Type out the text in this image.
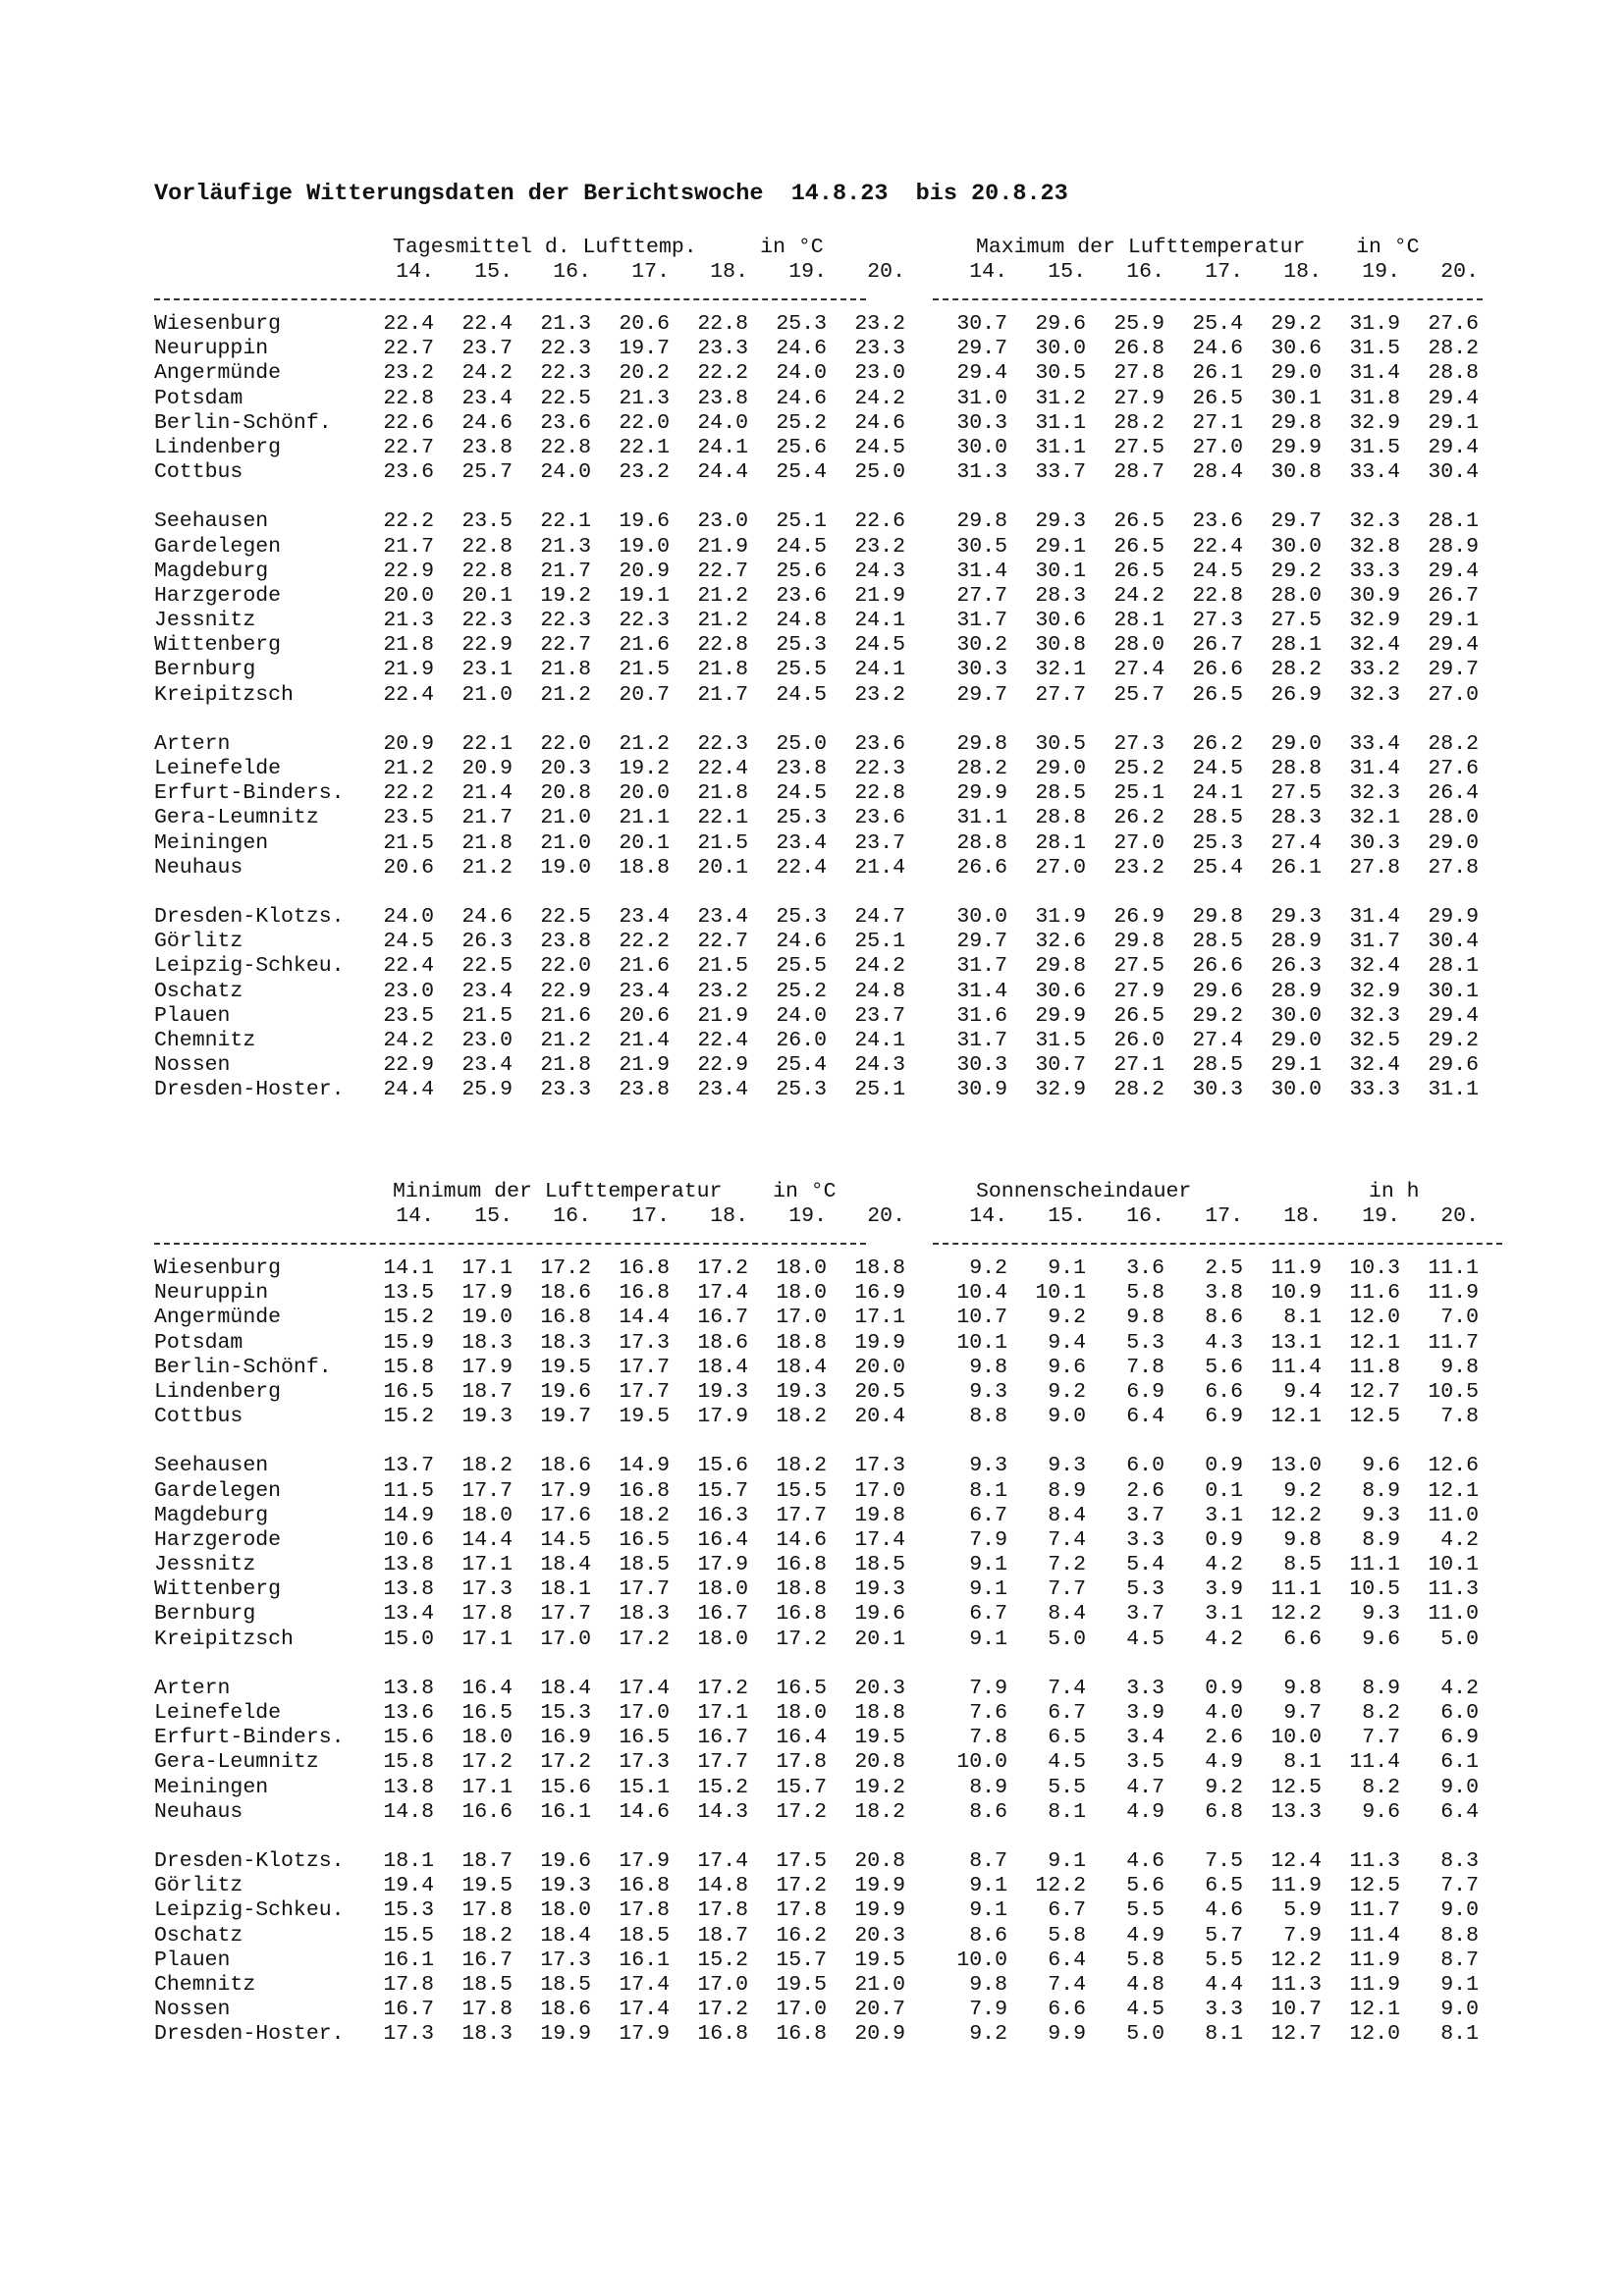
Vorläufige Witterungsdaten der Berichtswoche  14.8.23  bis 20.8.23
Tagesmittel d. Lufttemp.     in °C	Maximum der Lufttemperatur    in °C
14.	15.	16.	17.	18.	19.	20.	14.	15.	16.	17.	18.	19.	20.
Wiesenburg	22.4	22.4	21.3	20.6	22.8	25.3	23.2	30.7	29.6	25.9	25.4	29.2	31.9	27.6
Neuruppin	22.7	23.7	22.3	19.7	23.3	24.6	23.3	29.7	30.0	26.8	24.6	30.6	31.5	28.2
Angermünde	23.2	24.2	22.3	20.2	22.2	24.0	23.0	29.4	30.5	27.8	26.1	29.0	31.4	28.8
Potsdam	22.8	23.4	22.5	21.3	23.8	24.6	24.2	31.0	31.2	27.9	26.5	30.1	31.8	29.4
Berlin-Schönf.	22.6	24.6	23.6	22.0	24.0	25.2	24.6	30.3	31.1	28.2	27.1	29.8	32.9	29.1
Lindenberg	22.7	23.8	22.8	22.1	24.1	25.6	24.5	30.0	31.1	27.5	27.0	29.9	31.5	29.4
Cottbus	23.6	25.7	24.0	23.2	24.4	25.4	25.0	31.3	33.7	28.7	28.4	30.8	33.4	30.4
Seehausen	22.2	23.5	22.1	19.6	23.0	25.1	22.6	29.8	29.3	26.5	23.6	29.7	32.3	28.1
Gardelegen	21.7	22.8	21.3	19.0	21.9	24.5	23.2	30.5	29.1	26.5	22.4	30.0	32.8	28.9
Magdeburg	22.9	22.8	21.7	20.9	22.7	25.6	24.3	31.4	30.1	26.5	24.5	29.2	33.3	29.4
Harzgerode	20.0	20.1	19.2	19.1	21.2	23.6	21.9	27.7	28.3	24.2	22.8	28.0	30.9	26.7
Jessnitz	21.3	22.3	22.3	22.3	21.2	24.8	24.1	31.7	30.6	28.1	27.3	27.5	32.9	29.1
Wittenberg	21.8	22.9	22.7	21.6	22.8	25.3	24.5	30.2	30.8	28.0	26.7	28.1	32.4	29.4
Bernburg	21.9	23.1	21.8	21.5	21.8	25.5	24.1	30.3	32.1	27.4	26.6	28.2	33.2	29.7
Kreipitzsch	22.4	21.0	21.2	20.7	21.7	24.5	23.2	29.7	27.7	25.7	26.5	26.9	32.3	27.0
Artern	20.9	22.1	22.0	21.2	22.3	25.0	23.6	29.8	30.5	27.3	26.2	29.0	33.4	28.2
Leinefelde	21.2	20.9	20.3	19.2	22.4	23.8	22.3	28.2	29.0	25.2	24.5	28.8	31.4	27.6
Erfurt-Binders.	22.2	21.4	20.8	20.0	21.8	24.5	22.8	29.9	28.5	25.1	24.1	27.5	32.3	26.4
Gera-Leumnitz	23.5	21.7	21.0	21.1	22.1	25.3	23.6	31.1	28.8	26.2	28.5	28.3	32.1	28.0
Meiningen	21.5	21.8	21.0	20.1	21.5	23.4	23.7	28.8	28.1	27.0	25.3	27.4	30.3	29.0
Neuhaus	20.6	21.2	19.0	18.8	20.1	22.4	21.4	26.6	27.0	23.2	25.4	26.1	27.8	27.8
Dresden-Klotzs.	24.0	24.6	22.5	23.4	23.4	25.3	24.7	30.0	31.9	26.9	29.8	29.3	31.4	29.9
Görlitz	24.5	26.3	23.8	22.2	22.7	24.6	25.1	29.7	32.6	29.8	28.5	28.9	31.7	30.4
Leipzig-Schkeu.	22.4	22.5	22.0	21.6	21.5	25.5	24.2	31.7	29.8	27.5	26.6	26.3	32.4	28.1
Oschatz	23.0	23.4	22.9	23.4	23.2	25.2	24.8	31.4	30.6	27.9	29.6	28.9	32.9	30.1
Plauen	23.5	21.5	21.6	20.6	21.9	24.0	23.7	31.6	29.9	26.5	29.2	30.0	32.3	29.4
Chemnitz	24.2	23.0	21.2	21.4	22.4	26.0	24.1	31.7	31.5	26.0	27.4	29.0	32.5	29.2
Nossen	22.9	23.4	21.8	21.9	22.9	25.4	24.3	30.3	30.7	27.1	28.5	29.1	32.4	29.6
Dresden-Hoster.	24.4	25.9	23.3	23.8	23.4	25.3	25.1	30.9	32.9	28.2	30.3	30.0	33.3	31.1
Minimum der Lufttemperatur    in °C	Sonnenscheindauer              in h
14.	15.	16.	17.	18.	19.	20.	14.	15.	16.	17.	18.	19.	20.
Wiesenburg	14.1	17.1	17.2	16.8	17.2	18.0	18.8	9.2	9.1	3.6	2.5	11.9	10.3	11.1
Neuruppin	13.5	17.9	18.6	16.8	17.4	18.0	16.9	10.4	10.1	5.8	3.8	10.9	11.6	11.9
Angermünde	15.2	19.0	16.8	14.4	16.7	17.0	17.1	10.7	9.2	9.8	8.6	8.1	12.0	7.0
Potsdam	15.9	18.3	18.3	17.3	18.6	18.8	19.9	10.1	9.4	5.3	4.3	13.1	12.1	11.7
Berlin-Schönf.	15.8	17.9	19.5	17.7	18.4	18.4	20.0	9.8	9.6	7.8	5.6	11.4	11.8	9.8
Lindenberg	16.5	18.7	19.6	17.7	19.3	19.3	20.5	9.3	9.2	6.9	6.6	9.4	12.7	10.5
Cottbus	15.2	19.3	19.7	19.5	17.9	18.2	20.4	8.8	9.0	6.4	6.9	12.1	12.5	7.8
Seehausen	13.7	18.2	18.6	14.9	15.6	18.2	17.3	9.3	9.3	6.0	0.9	13.0	9.6	12.6
Gardelegen	11.5	17.7	17.9	16.8	15.7	15.5	17.0	8.1	8.9	2.6	0.1	9.2	8.9	12.1
Magdeburg	14.9	18.0	17.6	18.2	16.3	17.7	19.8	6.7	8.4	3.7	3.1	12.2	9.3	11.0
Harzgerode	10.6	14.4	14.5	16.5	16.4	14.6	17.4	7.9	7.4	3.3	0.9	9.8	8.9	4.2
Jessnitz	13.8	17.1	18.4	18.5	17.9	16.8	18.5	9.1	7.2	5.4	4.2	8.5	11.1	10.1
Wittenberg	13.8	17.3	18.1	17.7	18.0	18.8	19.3	9.1	7.7	5.3	3.9	11.1	10.5	11.3
Bernburg	13.4	17.8	17.7	18.3	16.7	16.8	19.6	6.7	8.4	3.7	3.1	12.2	9.3	11.0
Kreipitzsch	15.0	17.1	17.0	17.2	18.0	17.2	20.1	9.1	5.0	4.5	4.2	6.6	9.6	5.0
Artern	13.8	16.4	18.4	17.4	17.2	16.5	20.3	7.9	7.4	3.3	0.9	9.8	8.9	4.2
Leinefelde	13.6	16.5	15.3	17.0	17.1	18.0	18.8	7.6	6.7	3.9	4.0	9.7	8.2	6.0
Erfurt-Binders.	15.6	18.0	16.9	16.5	16.7	16.4	19.5	7.8	6.5	3.4	2.6	10.0	7.7	6.9
Gera-Leumnitz	15.8	17.2	17.2	17.3	17.7	17.8	20.8	10.0	4.5	3.5	4.9	8.1	11.4	6.1
Meiningen	13.8	17.1	15.6	15.1	15.2	15.7	19.2	8.9	5.5	4.7	9.2	12.5	8.2	9.0
Neuhaus	14.8	16.6	16.1	14.6	14.3	17.2	18.2	8.6	8.1	4.9	6.8	13.3	9.6	6.4
Dresden-Klotzs.	18.1	18.7	19.6	17.9	17.4	17.5	20.8	8.7	9.1	4.6	7.5	12.4	11.3	8.3
Görlitz	19.4	19.5	19.3	16.8	14.8	17.2	19.9	9.1	12.2	5.6	6.5	11.9	12.5	7.7
Leipzig-Schkeu.	15.3	17.8	18.0	17.8	17.8	17.8	19.9	9.1	6.7	5.5	4.6	5.9	11.7	9.0
Oschatz	15.5	18.2	18.4	18.5	18.7	16.2	20.3	8.6	5.8	4.9	5.7	7.9	11.4	8.8
Plauen	16.1	16.7	17.3	16.1	15.2	15.7	19.5	10.0	6.4	5.8	5.5	12.2	11.9	8.7
Chemnitz	17.8	18.5	18.5	17.4	17.0	19.5	21.0	9.8	7.4	4.8	4.4	11.3	11.9	9.1
Nossen	16.7	17.8	18.6	17.4	17.2	17.0	20.7	7.9	6.6	4.5	3.3	10.7	12.1	9.0
Dresden-Hoster.	17.3	18.3	19.9	17.9	16.8	16.8	20.9	9.2	9.9	5.0	8.1	12.7	12.0	8.1
